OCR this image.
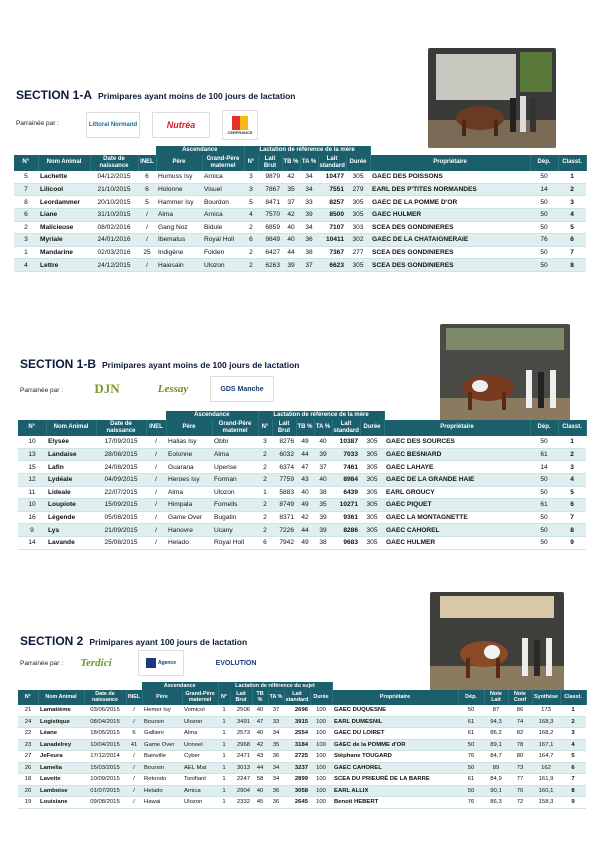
SECTION 1-A Primipares ayant moins de 100 jours de lactation
Parrainée par :	Littoral Normand	Nutréa
CERFRANCE
				Ascendance		Lactation de référence de la mère								
N°	Nom Animal	Date de naissance	INEL	Père	Grand-Père maternel	N°	Lait Brut	TB %	TA %	Lait standard	Durée	Propriétaire	Dép.	Classt.
5	Lachette	04/12/2015	6	Humuss Isy	Arnica	3	9879	42	34	10477	305	GAEC DES POISSONS	50	1
7	Lilicool	21/10/2015	6	Holonne	Visuel	3	7867	35	34	7551	279	EARL DES P'TITES NORMANDES	14	2
8	Leordammer	20/10/2015	5	Hammer Isy	Bourdon	5	8471	37	33	8257	305	GAEC DE LA POMME D'OR	50	3
6	Liane	31/10/2015	/	Alma	Arnica	4	7570	42	39	8500	305	GAEC HULMER	50	4
2	Malicieuse	08/02/2016	/	Gang Noz	Bidule	2	6859	40	34	7107	303	SCEA DES GONDINIERES	50	5
3	Myriale	24/01/2016	/	Ibematus	Royal Holl	6	9849	40	36	10411	302	GAEC DE LA CHATAIGNERAIE	76	6
1	Mandarine	02/03/2016	25	Indigène	Folden	2	6427	44	38	7367	277	SCEA DES GONDINIERES	50	7
4	Lettre	24/12/2015	/	Haiesain	Ulozon	2	6263	39	37	6623	305	SCEA DES GONDINIERES	50	8
SECTION 1-B Primipares ayant moins de 100 jours de lactation
Parrainée par : DJN	Lessay	GDS Manche
				Ascendance		Lactation de référence de la mère								
N°	Nom Animal	Date de naissance	INEL	Père	Grand-Père maternel	N°	Lait Brut	TB %	TA %	Lait standard	Durée	Propriétaire	Dép.	Classt.
10	Elysée	17/09/2015	/	Halias Isy	Obbi	3	8276	49	40	10387	305	GAEC DES SOURCES	50	1
13	Landaise	28/08/2015	/	Eolonne	Alma	2	6032	44	39	7033	305	GAEC BESNIARD	61	2
15	Lafin	24/08/2015	/	Guarana	Uperise	2	6374	47	37	7461	305	GAEC LAHAYE	14	3
12	Lydéale	04/09/2015	/	Heroes Isy	Forman	2	7759	43	40	8984	305	GAEC DE LA GRANDE HAIE	50	4
11	Lideale	22/07/2015	/	Alma	Ulozon	1	5883	40	38	6439	305	EARL GROUCY	50	5
10	Loupiote	15/09/2015	/	Himpala	Fornells	2	8749	49	35	10271	305	GAEC PIQUET	61	6
16	Légende	05/08/2015	/	Game Over	Bugatin	2	8371	42	39	9361	305	GAEC LA MONTAGNETTE	50	7
9	Lys	21/09/2015	/	Hanovre	Ucany	2	7226	44	39	8286	305	GAEC CAHOREL	50	8
14	Lavande	25/08/2015	/	Helado	Royal Holl	6	7942	49	38	9683	305	GAEC HULMER	50	9
SECTION 2 Primipares ayant 100 jours de lactation
Parrainée par : Terdici	Agence	EVOLUTION
				Ascendance		Lactation de référence du sujet											
N°	Nom Animal	Date de naissance	INEL	Père	Grand-Père maternel	N°	Lait Brut	TB %	TA %	Lait standard	Durée	Propriétaire	Dép.	Note Lait	Note Conf	Synthèse	Classt.
21	Lamatième	03/06/2015	/	Hemer Isy	Vomicol	1	2506	40	37	2696	100	GAEC DUQUESNE	50	87	86	173	1
24	Logistique	08/04/2015	/	Boursin	Ulozon	1	3491	47	33	3915	100	EARL DUMESNIL	61	94,3	74	168,3	2
22	Léane	18/05/2015	6	Gallieni	Alma	1	2573	40	34	2554	100	GAEC DU LOIRET	61	86,2	82	168,2	3
23	Lanadelrey	10/04/2015	41	Game Over	Unnoel	1	2968	42	35	3184	100	GAEC de la POMME d'OR	50	89,1	78	167,1	4
27	JeFeura	17/12/2014	/	Bainville	Cyber	1	2471	43	36	2725	100	Stéphane TOUGARD	76	84,7	80	164,7	5
26	Lamelia	15/03/2015	/	Boursin	AEL Mat	1	3013	44	34	3237	100	GAEC CAHOREL	50	89	73	162	6
18	Lavette	10/09/2015	/	Retondo	Tonifiant	1	2247	58	34	2899	100	SCEA DU PRIEURÉ DE LA BARRE	61	84,9	77	161,9	7
20	Lamboise	01/07/2015	/	Helado	Arnica	1	2904	40	36	3058	100	EARL ALLIX	50	90,1	70	160,1	8
19	Louisiane	09/08/2015	/	Hawai	Ulozon	1	2332	45	36	2645	100	Benoit HEBERT	76	86,3	72	158,3	9
